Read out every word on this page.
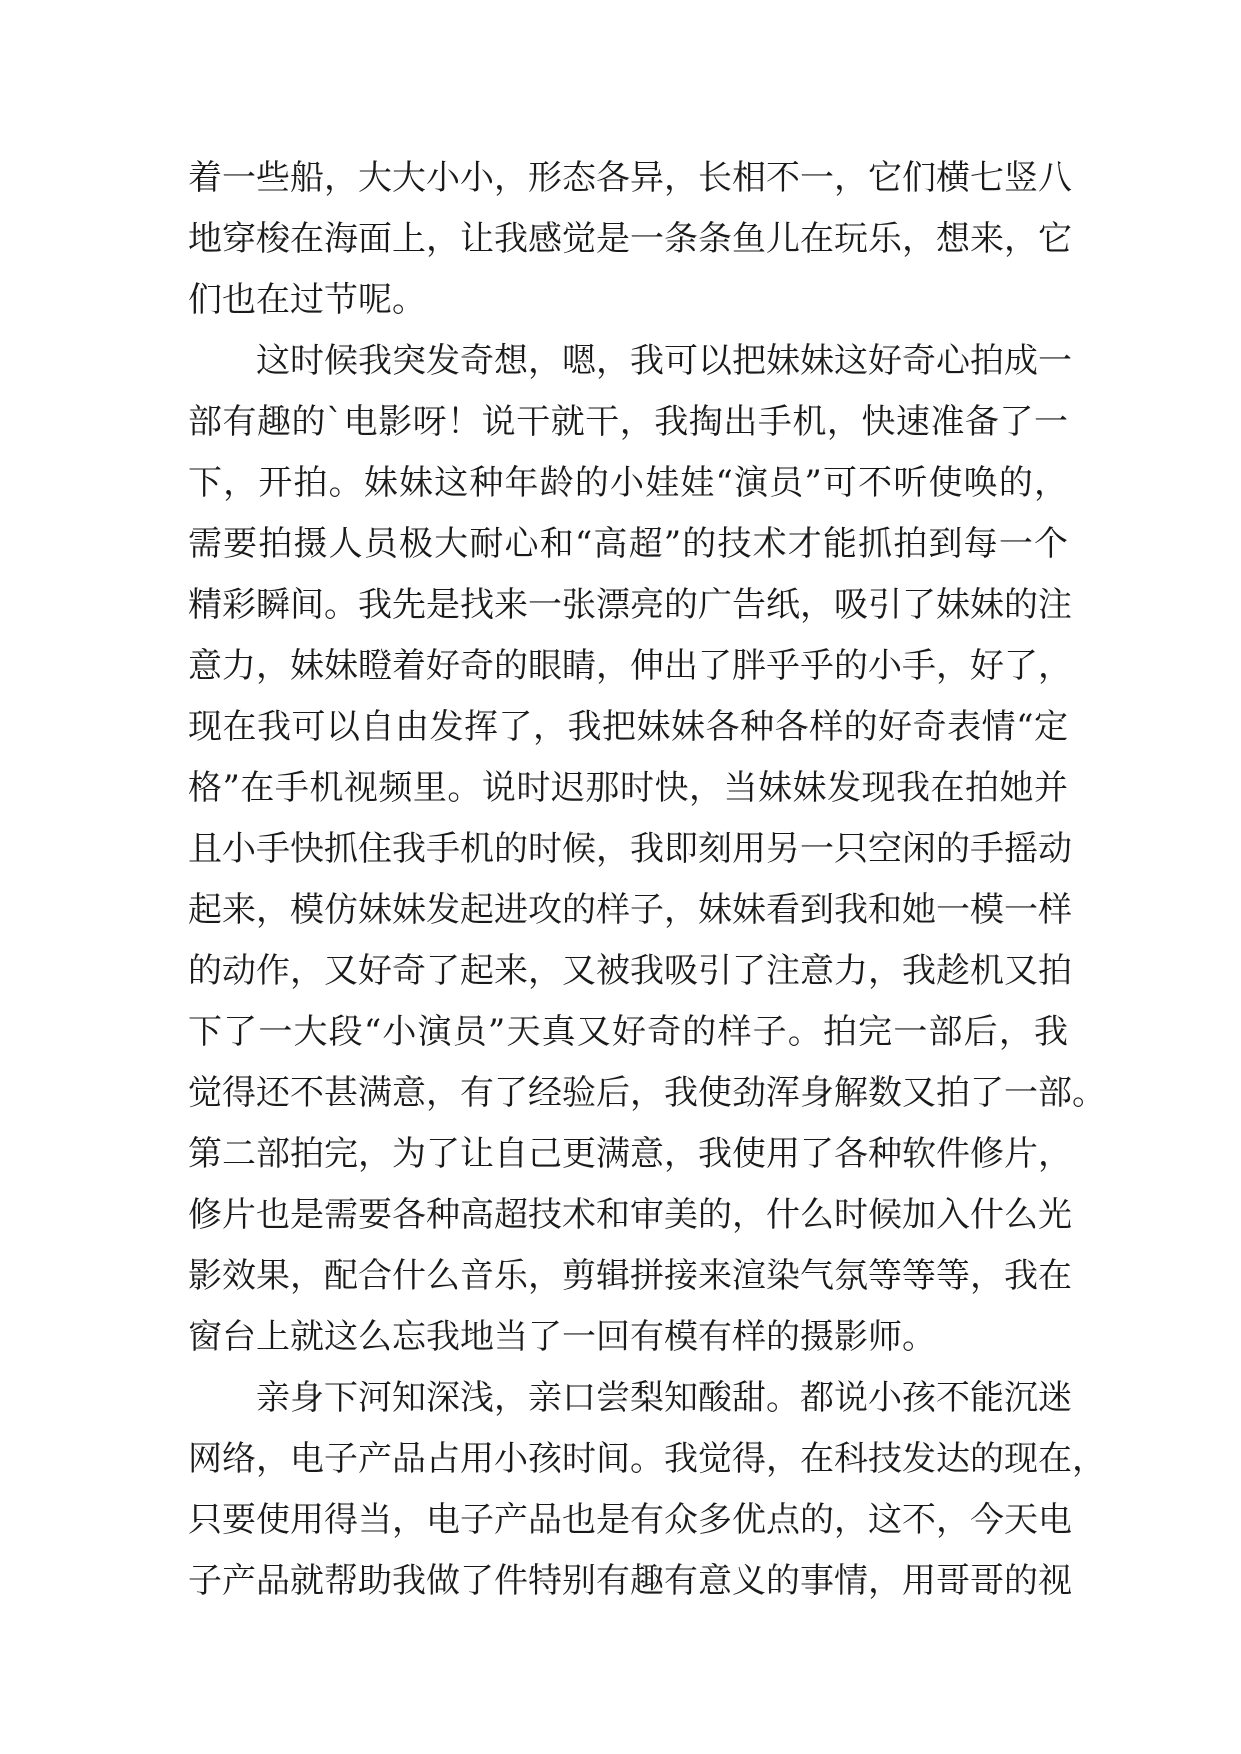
着一些船，大大小小，形态各异，长相不一，它们横七竖八
地穿梭在海面上，让我感觉是一条条鱼儿在玩乐，想来，它
们也在过节呢。
这时候我突发奇想，嗯，我可以把妹妹这好奇心拍成一
部有趣的`电影呀！说干就干，我掏出手机，快速准备了一
下，开拍。妹妹这种年龄的小娃娃“演员”可不听使唤的，
需要拍摄人员极大耐心和“高超”的技术才能抓拍到每一个
精彩瞬间。我先是找来一张漂亮的广告纸，吸引了妹妹的注
意力，妹妹瞪着好奇的眼睛，伸出了胖乎乎的小手，好了，
现在我可以自由发挥了，我把妹妹各种各样的好奇表情“定
格”在手机视频里。说时迟那时快，当妹妹发现我在拍她并
且小手快抓住我手机的时候，我即刻用另一只空闲的手摇动
起来，模仿妹妹发起进攻的样子，妹妹看到我和她一模一样
的动作，又好奇了起来，又被我吸引了注意力，我趁机又拍
下了一大段“小演员”天真又好奇的样子。拍完一部后，我
觉得还不甚满意，有了经验后，我使劲浑身解数又拍了一部。
第二部拍完，为了让自己更满意，我使用了各种软件修片，
修片也是需要各种高超技术和审美的，什么时候加入什么光
影效果，配合什么音乐，剪辑拼接来渲染气氛等等等，我在
窗台上就这么忘我地当了一回有模有样的摄影师。
亲身下河知深浅，亲口尝梨知酸甜。都说小孩不能沉迷
网络，电子产品占用小孩时间。我觉得，在科技发达的现在，
只要使用得当，电子产品也是有众多优点的，这不，今天电
子产品就帮助我做了件特别有趣有意义的事情，用哥哥的视
